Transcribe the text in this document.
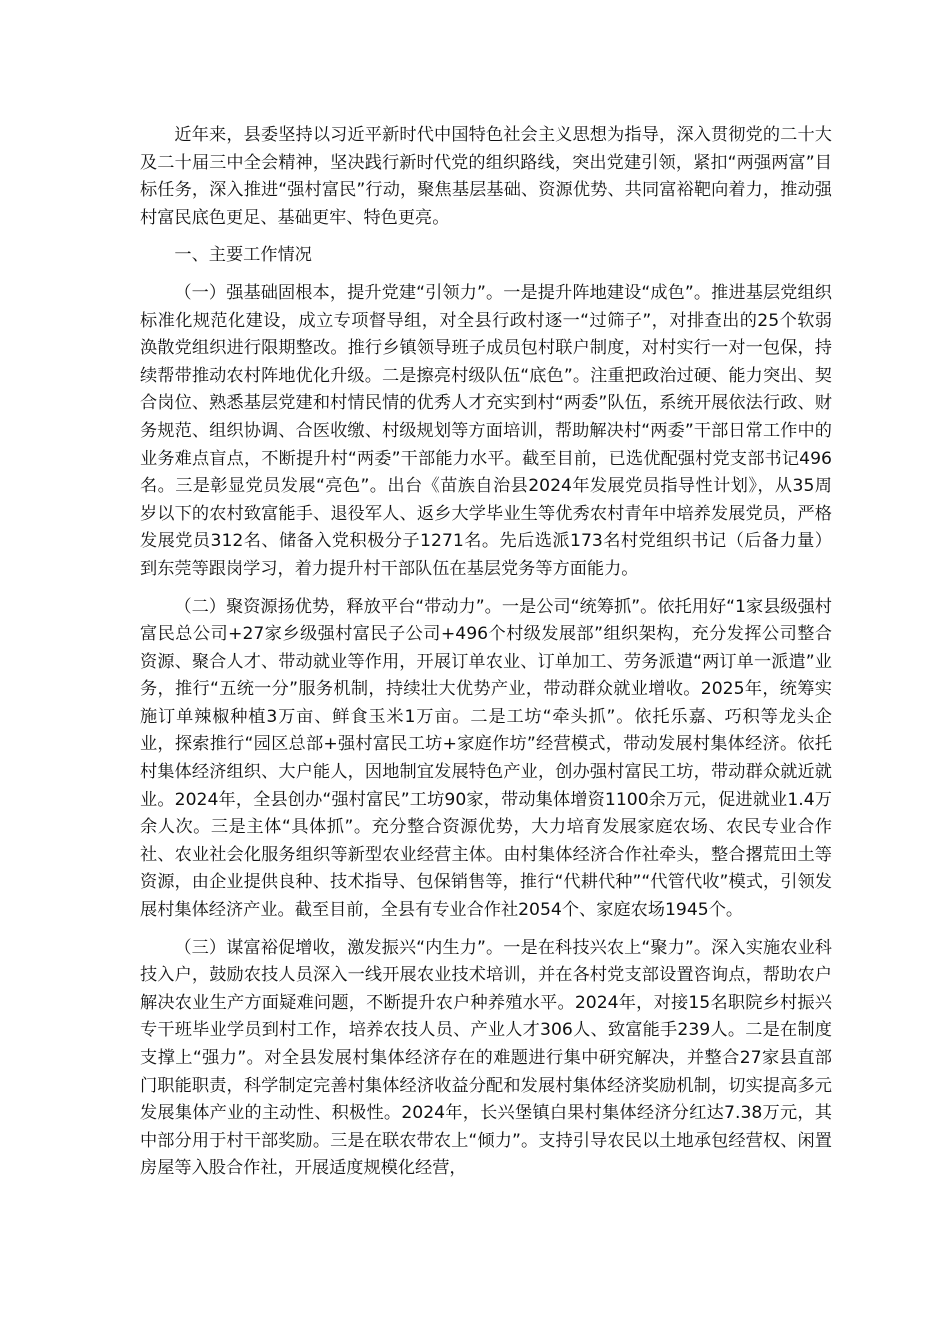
近年来，县委坚持以习近平新时代中国特色社会主义思想为指导，深入贯彻党的二十大及二十届三中全会精神，坚决践行新时代党的组织路线，突出党建引领，紧扣“两强两富”目标任务，深入推进“强村富民”行动，聚焦基层基础、资源优势、共同富裕靶向着力，推动强村富民底色更足、基础更牢、特色更亮。

一、主要工作情况

（一）强基础固根本，提升党建“引领力”。一是提升阵地建设“成色”。推进基层党组织标准化规范化建设，成立专项督导组，对全县行政村逐一“过筛子”，对排查出的25个软弱涣散党组织进行限期整改。推行乡镇领导班子成员包村联户制度，对村实行一对一包保，持续帮带推动农村阵地优化升级。二是擦亮村级队伍“底色”。注重把政治过硬、能力突出、契合岗位、熟悉基层党建和村情民情的优秀人才充实到村“两委”队伍，系统开展依法行政、财务规范、组织协调、合医收缴、村级规划等方面培训，帮助解决村“两委”干部日常工作中的业务难点盲点，不断提升村“两委”干部能力水平。截至目前，已选优配强村党支部书记496名。三是彰显党员发展“亮色”。出台《苗族自治县2024年发展党员指导性计划》，从35周岁以下的农村致富能手、退役军人、返乡大学毕业生等优秀农村青年中培养发展党员，严格发展党员312名、储备入党积极分子1271名。先后选派173名村党组织书记（后备力量）到东莞等跟岗学习，着力提升村干部队伍在基层党务等方面能力。

（二）聚资源扬优势，释放平台“带动力”。一是公司“统筹抓”。依托用好“1家县级强村富民总公司+27家乡级强村富民子公司+496个村级发展部”组织架构，充分发挥公司整合资源、聚合人才、带动就业等作用，开展订单农业、订单加工、劳务派遣“两订单一派遣”业务，推行“五统一分”服务机制，持续壮大优势产业，带动群众就业增收。2025年，统筹实施订单辣椒种植3万亩、鲜食玉米1万亩。二是工坊“牵头抓”。依托乐嘉、巧积等龙头企业，探索推行“园区总部+强村富民工坊+家庭作坊”经营模式，带动发展村集体经济。依托村集体经济组织、大户能人，因地制宜发展特色产业，创办强村富民工坊，带动群众就近就业。2024年，全县创办“强村富民”工坊90家，带动集体增资1100余万元，促进就业1.4万余人次。三是主体“具体抓”。充分整合资源优势，大力培育发展家庭农场、农民专业合作社、农业社会化服务组织等新型农业经营主体。由村集体经济合作社牵头，整合撂荒田土等资源，由企业提供良种、技术指导、包保销售等，推行“代耕代种”“代管代收”模式，引领发展村集体经济产业。截至目前，全县有专业合作社2054个、家庭农场1945个。

（三）谋富裕促增收，激发振兴“内生力”。一是在科技兴农上“聚力”。深入实施农业科技入户，鼓励农技人员深入一线开展农业技术培训，并在各村党支部设置咨询点，帮助农户解决农业生产方面疑难问题，不断提升农户种养殖水平。2024年，对接15名职院乡村振兴专干班毕业学员到村工作，培养农技人员、产业人才306人、致富能手239人。二是在制度支撑上“强力”。对全县发展村集体经济存在的难题进行集中研究解决，并整合27家县直部门职能职责，科学制定完善村集体经济收益分配和发展村集体经济奖励机制，切实提高多元发展集体产业的主动性、积极性。2024年，长兴堡镇白果村集体经济分红达7.38万元，其中部分用于村干部奖励。三是在联农带农上“倾力”。支持引导农民以土地承包经营权、闲置房屋等入股合作社，开展适度规模化经营，
